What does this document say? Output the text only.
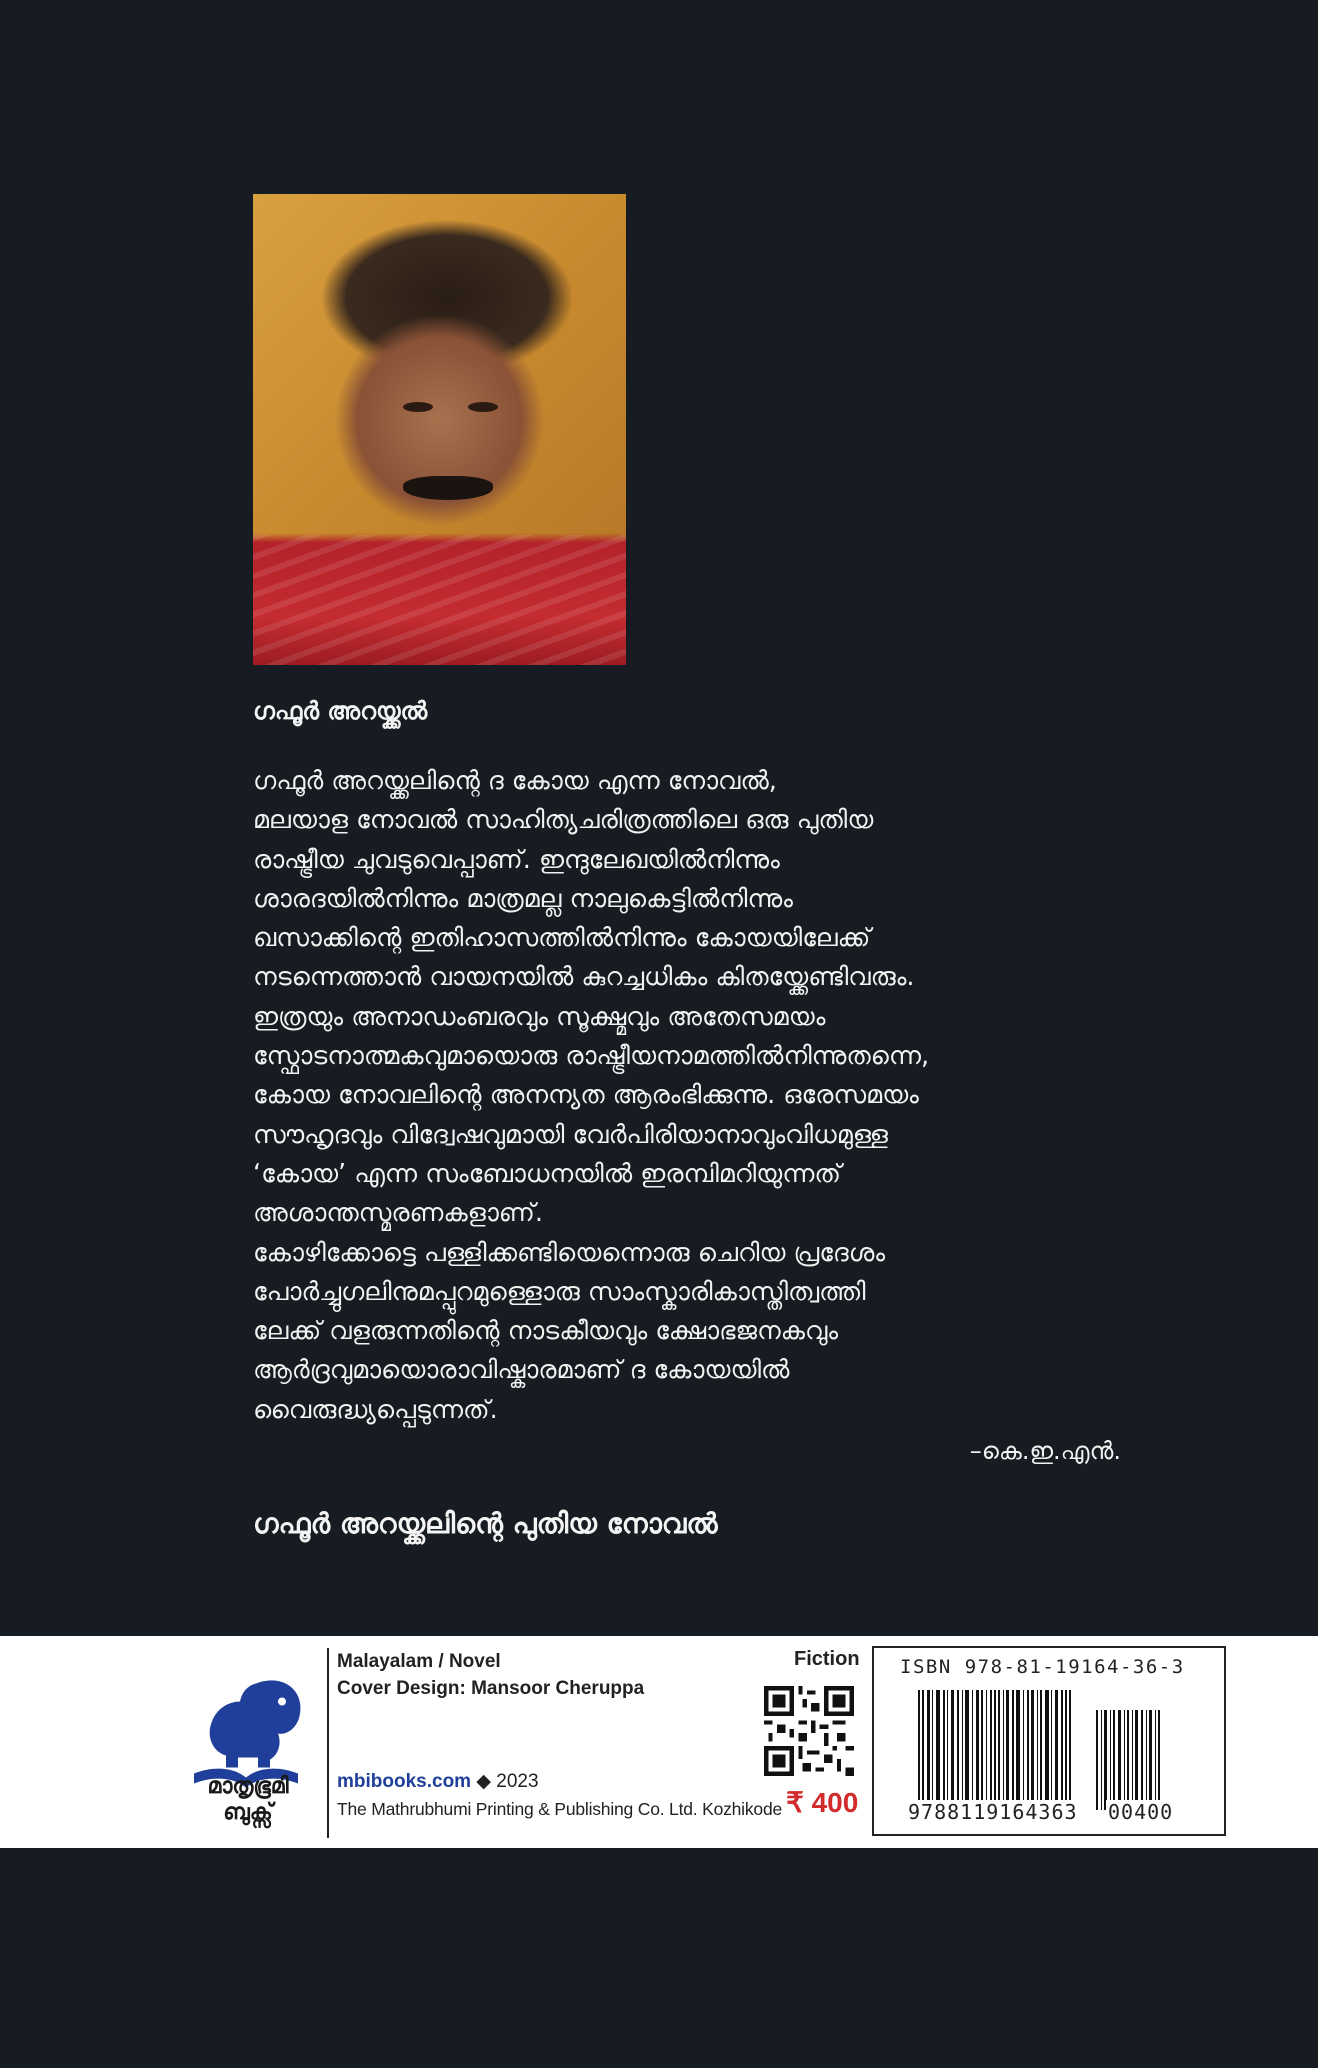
ഗഫൂർ അറയ്ക്കൽ

ഗഫൂർ അറയ്ക്കലിന്റെ ദ കോയ എന്ന നോവൽ,

മലയാള നോവൽ സാഹിത്യചരിത്രത്തിലെ ഒരു പുതിയ

രാഷ്ട്രീയ ചുവടുവെപ്പാണ്. ഇന്ദുലേഖയിൽനിന്നും

ശാരദയിൽനിന്നും മാത്രമല്ല നാലുകെട്ടിൽനിന്നും

ഖസാക്കിന്റെ ഇതിഹാസത്തിൽനിന്നും കോയയിലേക്ക്

നടന്നെത്താൻ വായനയിൽ കുറച്ചധികം കിതയ്ക്കേണ്ടിവരും.

ഇത്രയും അനാഡംബരവും സൂക്ഷ്മവും അതേസമയം

സ്ഫോടനാത്മകവുമായൊരു രാഷ്ട്രീയനാമത്തിൽനിന്നുതന്നെ,

കോയ നോവലിന്റെ അനന്യത ആരംഭിക്കുന്നു. ഒരേസമയം

സൗഹൃദവും വിദ്വേഷവുമായി വേർപിരിയാനാവുംവിധമുള്ള

‘കോയ’ എന്ന സംബോധനയിൽ ഇരമ്പിമറിയുന്നത്

അശാന്തസ്മരണകളാണ്.

കോഴിക്കോട്ടെ പള്ളിക്കണ്ടിയെന്നൊരു ചെറിയ പ്രദേശം

പോർച്ചുഗലിനുമപ്പുറമുള്ളൊരു സാംസ്കാരികാസ്തിത്വത്തി

ലേക്ക് വളരുന്നതിന്റെ നാടകീയവും ക്ഷോഭജനകവും

ആർദ്രവുമായൊരാവിഷ്കാരമാണ് ദ കോയയിൽ

വൈരുദ്ധ്യപ്പെടുന്നത്.

–കെ.ഇ.എൻ.
ഗഫൂർ അറയ്ക്കലിന്റെ പുതിയ നോവൽ
മാതൃഭൂമി
ബുക്സ്
Malayalam / Novel
Cover Design: Mansoor Cheruppa
mbibooks.com ◆ 2023
The Mathrubhumi Printing & Publishing Co. Ltd. Kozhikode
Fiction
₹ 400
ISBN 978-81-19164-36-3
9788119164363 00400
